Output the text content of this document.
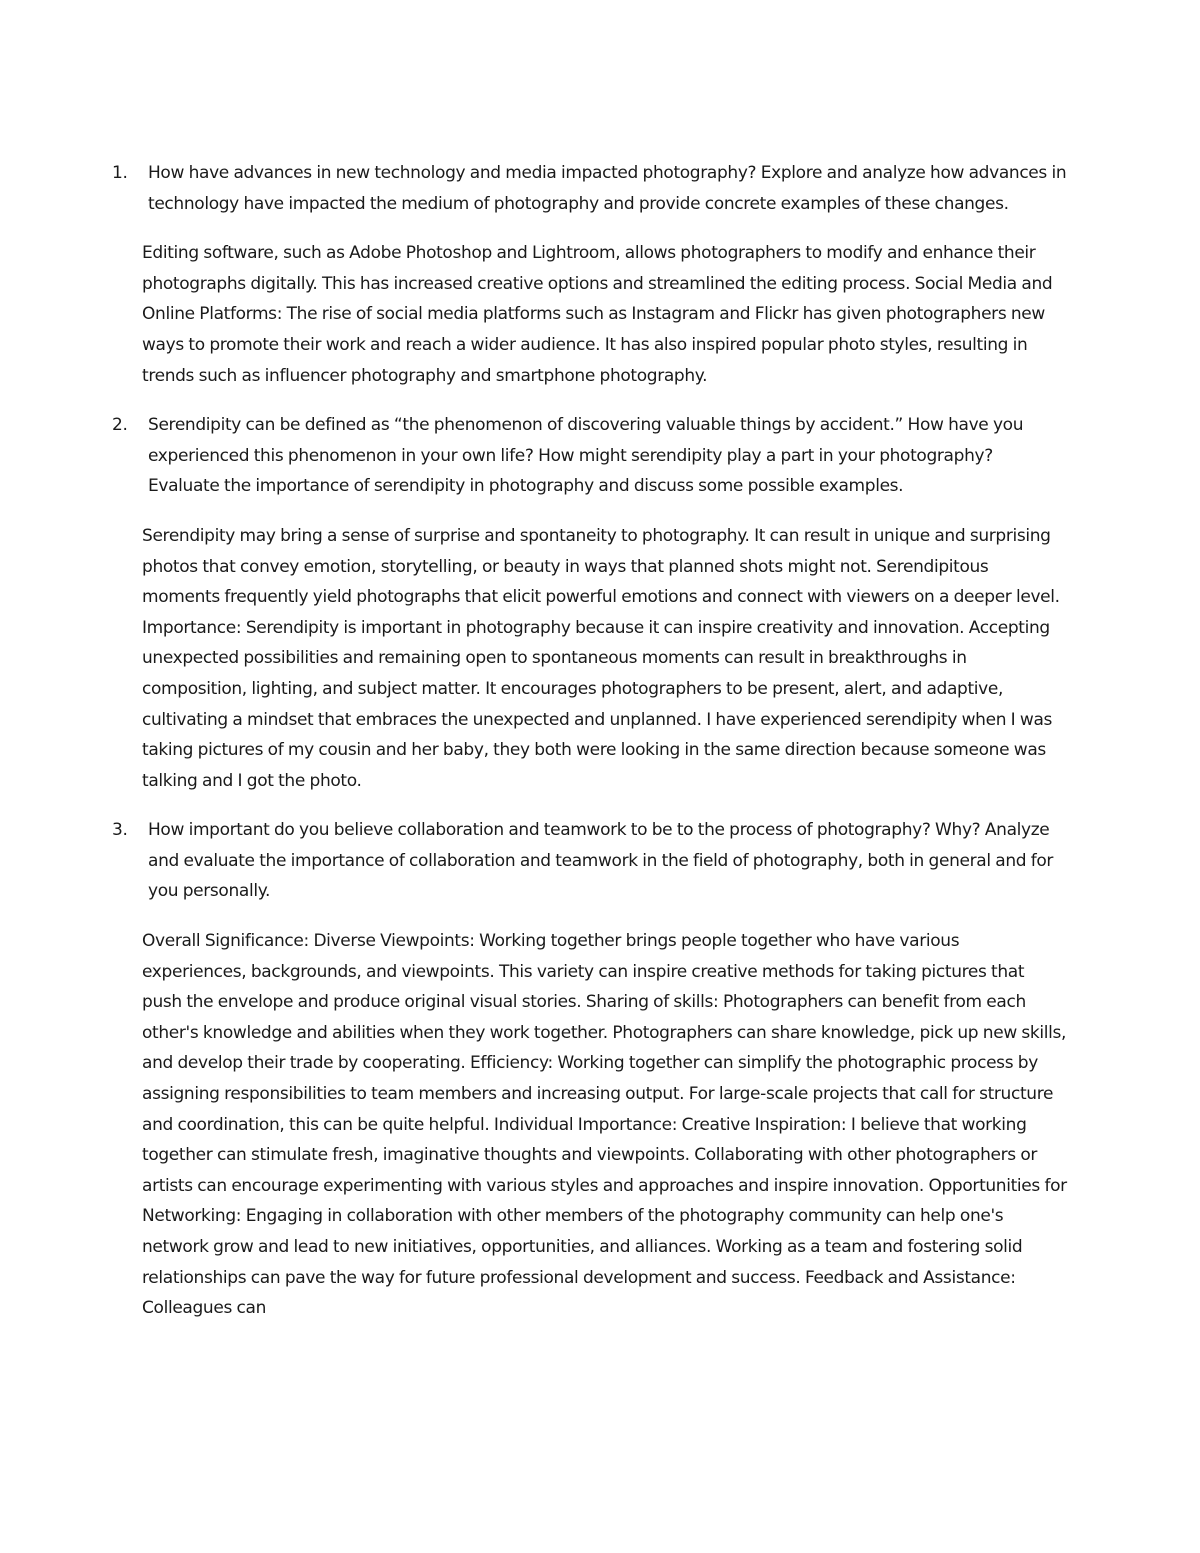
1. How have advances in new technology and media impacted photography? Explore and analyze how advances in technology have impacted the medium of photography and provide concrete examples of these changes.

Editing software, such as Adobe Photoshop and Lightroom, allows photographers to modify and enhance their photographs digitally. This has increased creative options and streamlined the editing process. Social Media and Online Platforms: The rise of social media platforms such as Instagram and Flickr has given photographers new ways to promote their work and reach a wider audience. It has also inspired popular photo styles, resulting in trends such as influencer photography and smartphone photography.

2. Serendipity can be defined as “the phenomenon of discovering valuable things by accident.” How have you experienced this phenomenon in your own life? How might serendipity play a part in your photography? Evaluate the importance of serendipity in photography and discuss some possible examples.

Serendipity may bring a sense of surprise and spontaneity to photography. It can result in unique and surprising photos that convey emotion, storytelling, or beauty in ways that planned shots might not. Serendipitous moments frequently yield photographs that elicit powerful emotions and connect with viewers on a deeper level. Importance: Serendipity is important in photography because it can inspire creativity and innovation. Accepting unexpected possibilities and remaining open to spontaneous moments can result in breakthroughs in composition, lighting, and subject matter. It encourages photographers to be present, alert, and adaptive, cultivating a mindset that embraces the unexpected and unplanned. I have experienced serendipity when I was taking pictures of my cousin and her baby, they both were looking in the same direction because someone was talking and I got the photo.

3. How important do you believe collaboration and teamwork to be to the process of photography? Why? Analyze and evaluate the importance of collaboration and teamwork in the field of photography, both in general and for you personally.

Overall Significance: Diverse Viewpoints: Working together brings people together who have various experiences, backgrounds, and viewpoints. This variety can inspire creative methods for taking pictures that push the envelope and produce original visual stories. Sharing of skills: Photographers can benefit from each other's knowledge and abilities when they work together. Photographers can share knowledge, pick up new skills, and develop their trade by cooperating. Efficiency: Working together can simplify the photographic process by assigning responsibilities to team members and increasing output. For large-scale projects that call for structure and coordination, this can be quite helpful. Individual Importance: Creative Inspiration: I believe that working together can stimulate fresh, imaginative thoughts and viewpoints. Collaborating with other photographers or artists can encourage experimenting with various styles and approaches and inspire innovation. Opportunities for Networking: Engaging in collaboration with other members of the photography community can help one's network grow and lead to new initiatives, opportunities, and alliances. Working as a team and fostering solid relationships can pave the way for future professional development and success. Feedback and Assistance: Colleagues can
